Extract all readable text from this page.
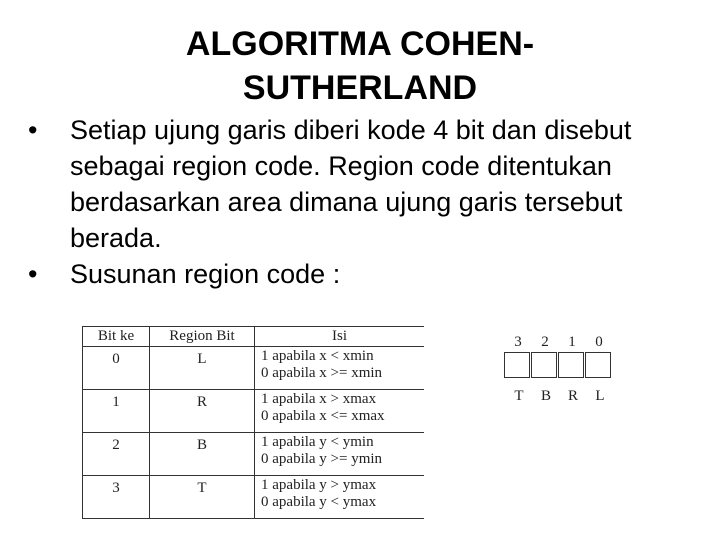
ALGORITMA COHEN-SUTHERLAND
• Setiap ujung garis diberi kode 4 bit dan disebut sebagai region code. Region code ditentukan berdasarkan area dimana ujung garis tersebut berada.
• Susunan region code :
Bit ke	Region Bit	Isi
0	L	1 apabila x < xmin
0 apabila x >= xmin

1	R	1 apabila x > xmax
0 apabila x <= xmax

2	B	1 apabila y < ymin
0 apabila y >= ymin

3	T	1 apabila y > ymax
0 apabila y < ymax
3 2 1 0
T B R L
